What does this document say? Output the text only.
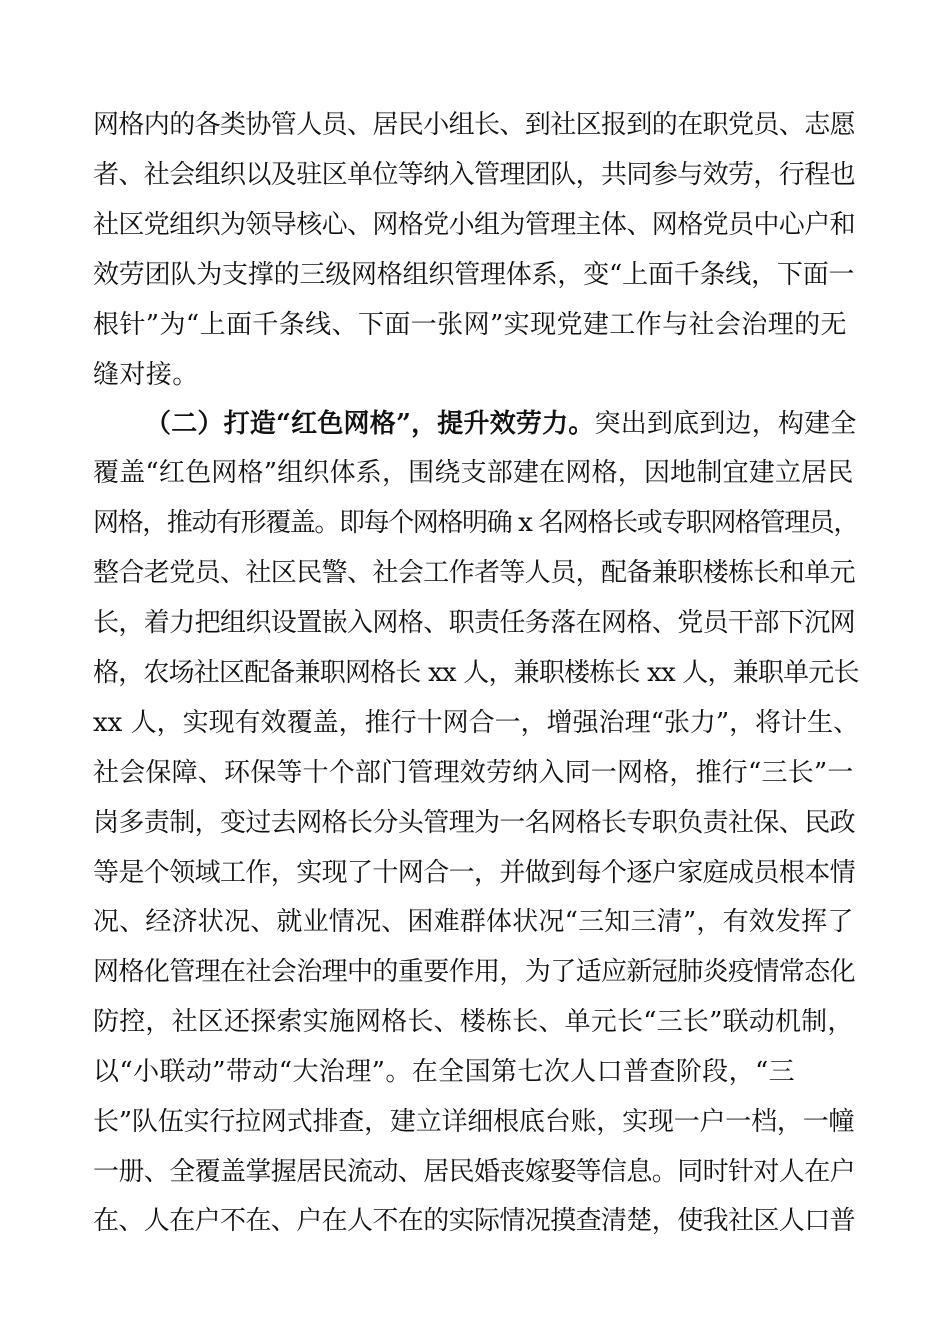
网格内的各类协管人员、居民小组长、到社区报到的在职党员、志愿
者、社会组织以及驻区单位等纳入管理团队，共同参与效劳，行程也
社区党组织为领导核心、网格党小组为管理主体、网格党员中心户和
效劳团队为支撑的三级网格组织管理体系，变“上面千条线，下面一
根针”为“上面千条线、下面一张网”实现党建工作与社会治理的无
缝对接。
（二）打造“红色网格”，提升效劳力。突出到底到边，构建全
覆盖“红色网格”组织体系，围绕支部建在网格，因地制宜建立居民
网格，推动有形覆盖。即每个网格明确 x 名网格长或专职网格管理员，
整合老党员、社区民警、社会工作者等人员，配备兼职楼栋长和单元
长，着力把组织设置嵌入网格、职责任务落在网格、党员干部下沉网
格，农场社区配备兼职网格长 xx 人，兼职楼栋长 xx 人，兼职单元长
xx 人，实现有效覆盖，推行十网合一，增强治理“张力”，将计生、
社会保障、环保等十个部门管理效劳纳入同一网格，推行“三长”一
岗多责制，变过去网格长分头管理为一名网格长专职负责社保、民政
等是个领域工作，实现了十网合一，并做到每个逐户家庭成员根本情
况、经济状况、就业情况、困难群体状况“三知三清”，有效发挥了
网格化管理在社会治理中的重要作用，为了适应新冠肺炎疫情常态化
防控，社区还探索实施网格长、楼栋长、单元长“三长”联动机制，
以“小联动”带动“大治理”。在全国第七次人口普查阶段，“三
长”队伍实行拉网式排查，建立详细根底台账，实现一户一档，一幢
一册、全覆盖掌握居民流动、居民婚丧嫁娶等信息。同时针对人在户
在、人在户不在、户在人不在的实际情况摸查清楚，使我社区人口普
